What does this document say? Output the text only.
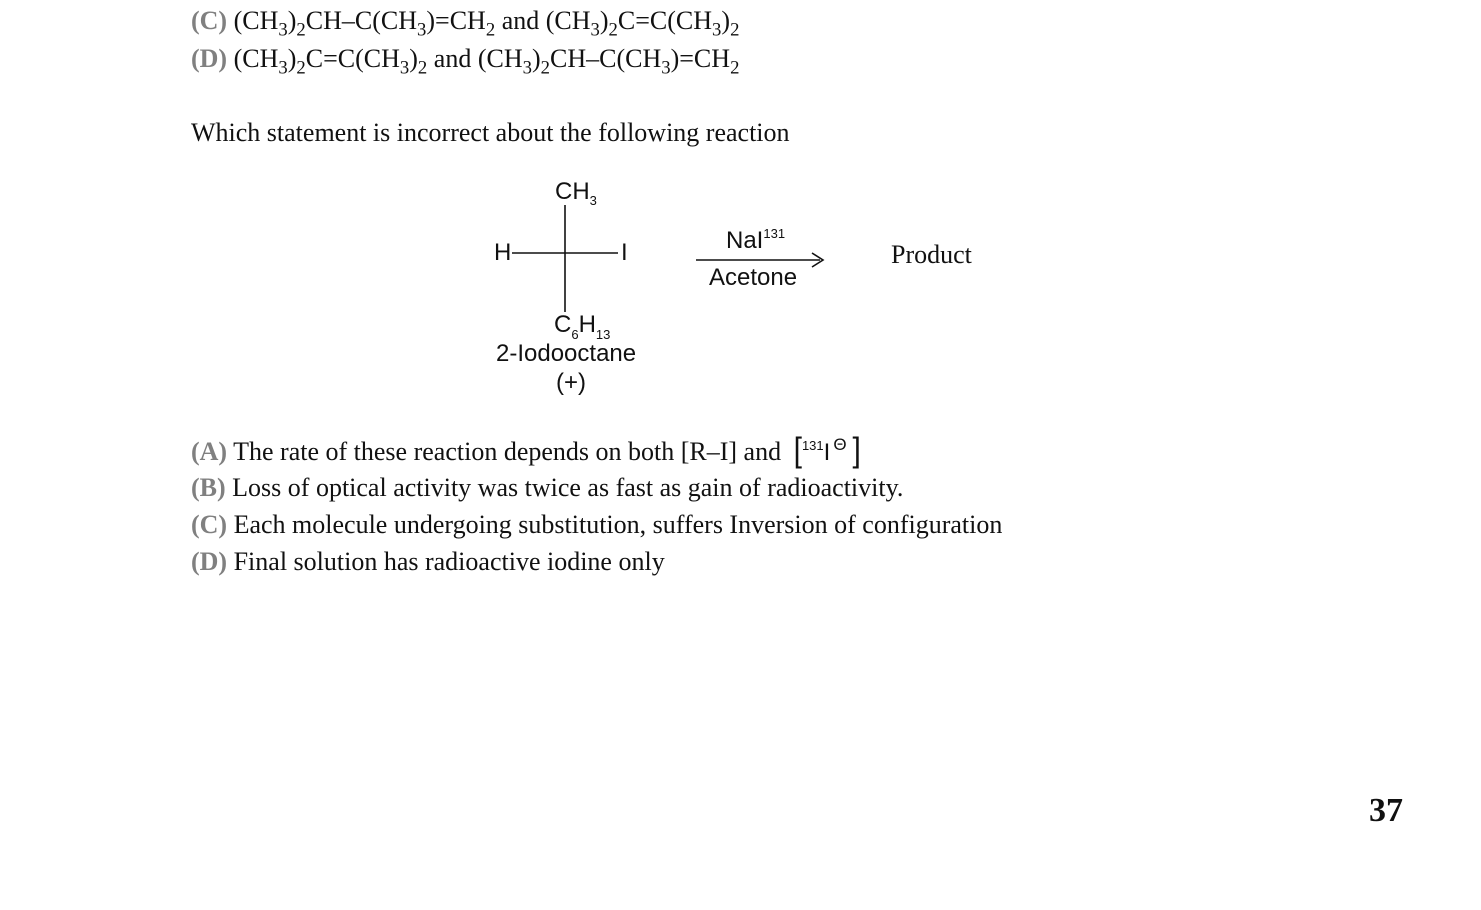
(C) $(CH_3)_2CH-C(CH_3)=CH_2$ and $(CH_3)_2C=C(CH_3)_2$
(D) $(CH_3)_2C=C(CH_3)_2$ and $(CH_3)_2CH-C(CH_3)=CH_2$
Which statement is incorrect about the following reaction
$CH_3$
H	I
$C_6H_{13}$
2-Iodooctane
(+)
NaI$^{131}$
Acetone
Product
(A) The rate of these reaction depends on both [R–I] and [$^{131}$I $^\Theta$ ]
(B) Loss of optical activity was twice as fast as gain of radioactivity.
(C) Each molecule undergoing substitution, suffers Inversion of configuration
(D) Final solution has radioactive iodine only
37
